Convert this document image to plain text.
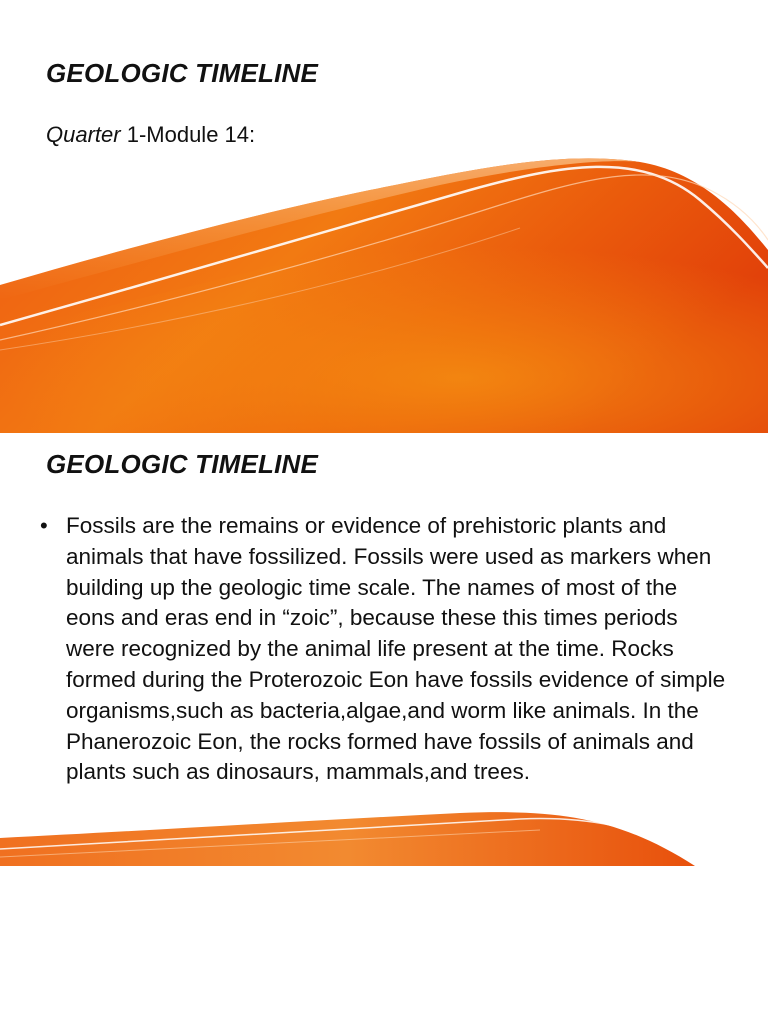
GEOLOGIC TIMELINE

Quarter 1-Module 14:

GEOLOGIC TIMELINE
• Fossils are the remains or evidence of prehistoric plants and animals that have fossilized. Fossils were used as markers when building up the geologic time scale. The names of most of the eons and eras end in “zoic”, because these this times periods were recognized by the animal life present at the time. Rocks formed during the Proterozoic Eon have fossils evidence of simple organisms,such as bacteria,algae,and worm like animals. In the Phanerozoic Eon, the rocks formed have fossils of animals and plants such as dinosaurs, mammals,and trees.
